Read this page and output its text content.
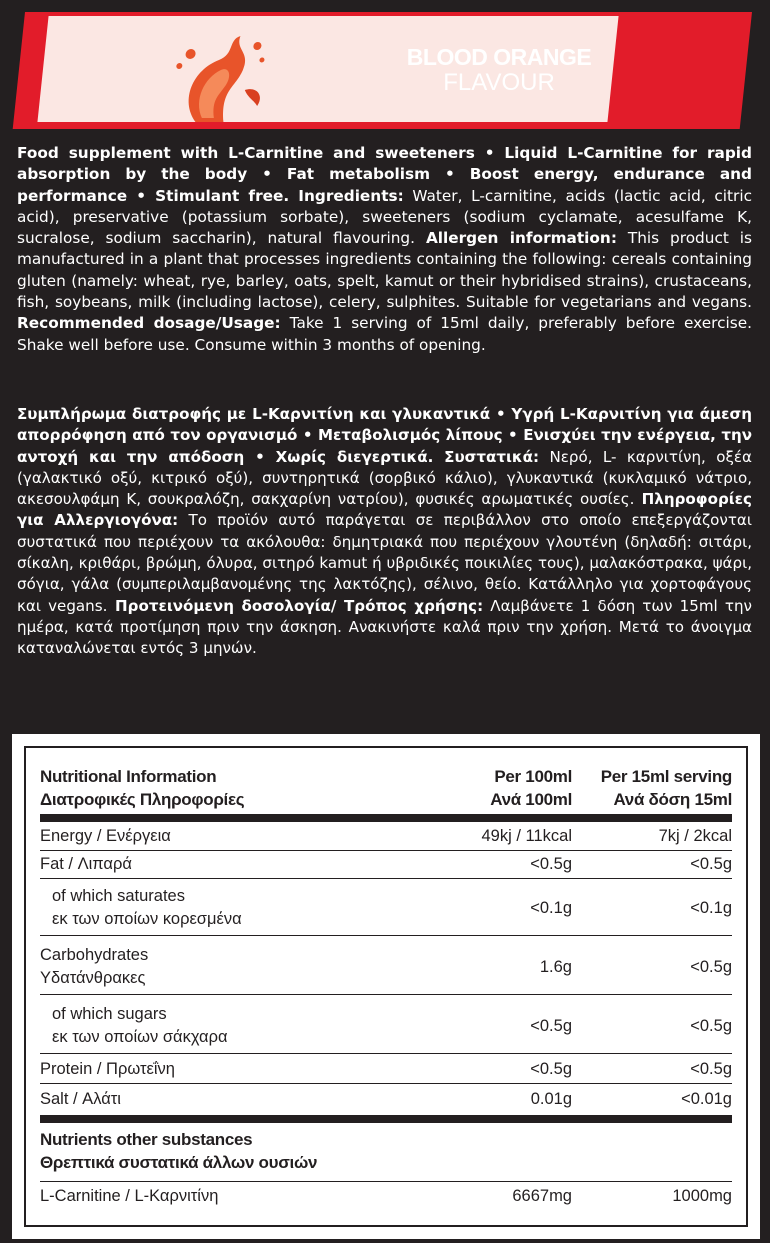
BLOOD ORANGE
FLAVOUR
Food supplement with L-Carnitine and sweeteners • Liquid L-Carnitine for rapid absorption by the body • Fat metabolism • Boost energy, endurance and performance • Stimulant free. Ingredients: Water, L-carnitine, acids (lactic acid, citric acid), preservative (potassium sorbate), sweeteners (sodium cyclamate, acesulfame K, sucralose, sodium saccharin), natural flavouring. Allergen information: This product is manufactured in a plant that processes ingredients containing the following: cereals containing gluten (namely: wheat, rye, barley, oats, spelt, kamut or their hybridised strains), crustaceans, fish, soybeans, milk (including lactose), celery, sulphites. Suitable for vegetarians and vegans. Recommended dosage/Usage: Take 1 serving of 15ml daily, preferably before exercise. Shake well before use. Consume within 3 months of opening.
Συμπλήρωμα διατροφής με L-Καρνιτίνη και γλυκαντικά • Υγρή L-Καρνιτίνη για άμεση απορρόφηση από τον οργανισμό • Μεταβολισμός λίπους • Ενισχύει την ενέργεια, την αντοχή και την απόδοση • Χωρίς διεγερτικά. Συστατικά: Νερό, L- καρνιτίνη, οξέα (γαλακτικό οξύ, κιτρικό οξύ), συντηρητικά (σορβικό κάλιο), γλυκαντικά (κυκλαμικό νάτριο, ακεσουλφάμη Κ, σουκραλόζη, σακχαρίνη νατρίου), φυσικές αρωματικές ουσίες. Πληροφορίες για Αλλεργιογόνα: Το προϊόν αυτό παράγεται σε περιβάλλον στο οποίο επεξεργάζονται συστατικά που περιέχουν τα ακόλουθα: δημητριακά που περιέχουν γλουτένη (δηλαδή: σιτάρι, σίκαλη, κριθάρι, βρώμη, όλυρα, σιτηρό kamut ή υβριδικές ποικιλίες τους), μαλακόστρακα, ψάρι, σόγια, γάλα (συμπεριλαμβανομένης της λακτόζης), σέλινο, θείο. Κατάλληλο για χορτοφάγους και vegans. Προτεινόμενη δοσολογία/ Τρόπος χρήσης: Λαμβάνετε 1 δόση των 15ml την ημέρα, κατά προτίμηση πριν την άσκηση. Ανακινήστε καλά πριν την χρήση. Μετά το άνοιγμα καταναλώνεται εντός 3 μηνών.
Nutritional Information
Διατροφικές Πληροφορίες
Per 100ml
Ανά 100ml
Per 15ml serving
Ανά δόση 15ml
Energy / Ενέργεια	49kj / 11kcal	7kj / 2kcal
Fat / Λιπαρά	<0.5g	<0.5g
of which saturates
εκ των οποίων κορεσμένα
<0.1g	<0.1g
Carbohydrates
Υδατάνθρακες
1.6g	<0.5g
of which sugars
εκ των οποίων σάκχαρα
<0.5g	<0.5g
Protein / Πρωτεΐνη	<0.5g	<0.5g
Salt / Αλάτι	0.01g	<0.01g
Nutrients other substances
Θρεπτικά συστατικά άλλων ουσιών
L-Carnitine / L-Καρνιτίνη	6667mg	1000mg
